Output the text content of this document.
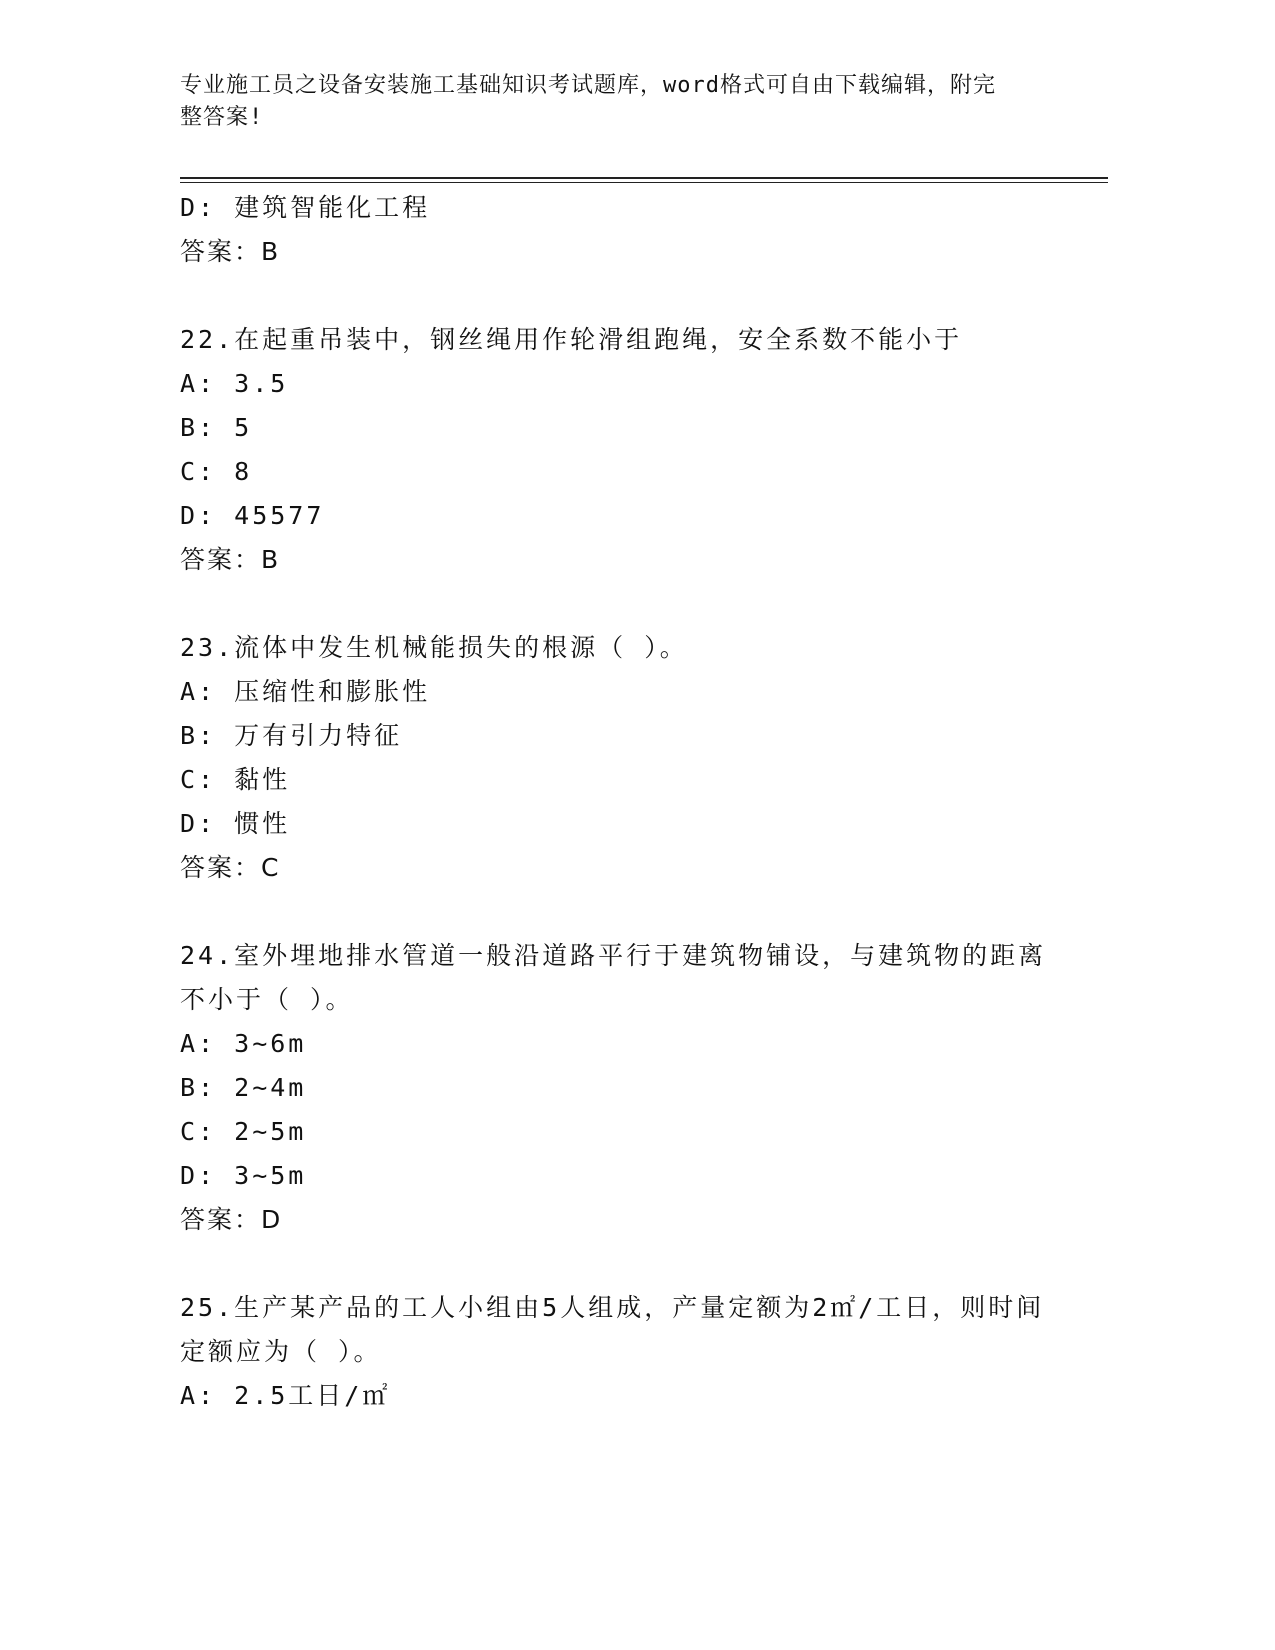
专业施工员之设备安装施工基础知识考试题库，word格式可自由下载编辑，附完
整答案!
D: 建筑智能化工程
答案：B
22.在起重吊装中，钢丝绳用作轮滑组跑绳，安全系数不能小于
A: 3.5
B: 5
C: 8
D: 45577
答案：B
23.流体中发生机械能损失的根源（ ）。
A: 压缩性和膨胀性
B: 万有引力特征
C: 黏性
D: 惯性
答案：C
24.室外埋地排水管道一般沿道路平行于建筑物铺设，与建筑物的距离
不小于（ ）。
A: 3~6m
B: 2~4m
C: 2~5m
D: 3~5m
答案：D
25.生产某产品的工人小组由5人组成，产量定额为2㎡/工日，则时间
定额应为（ ）。
A: 2.5工日/㎡
